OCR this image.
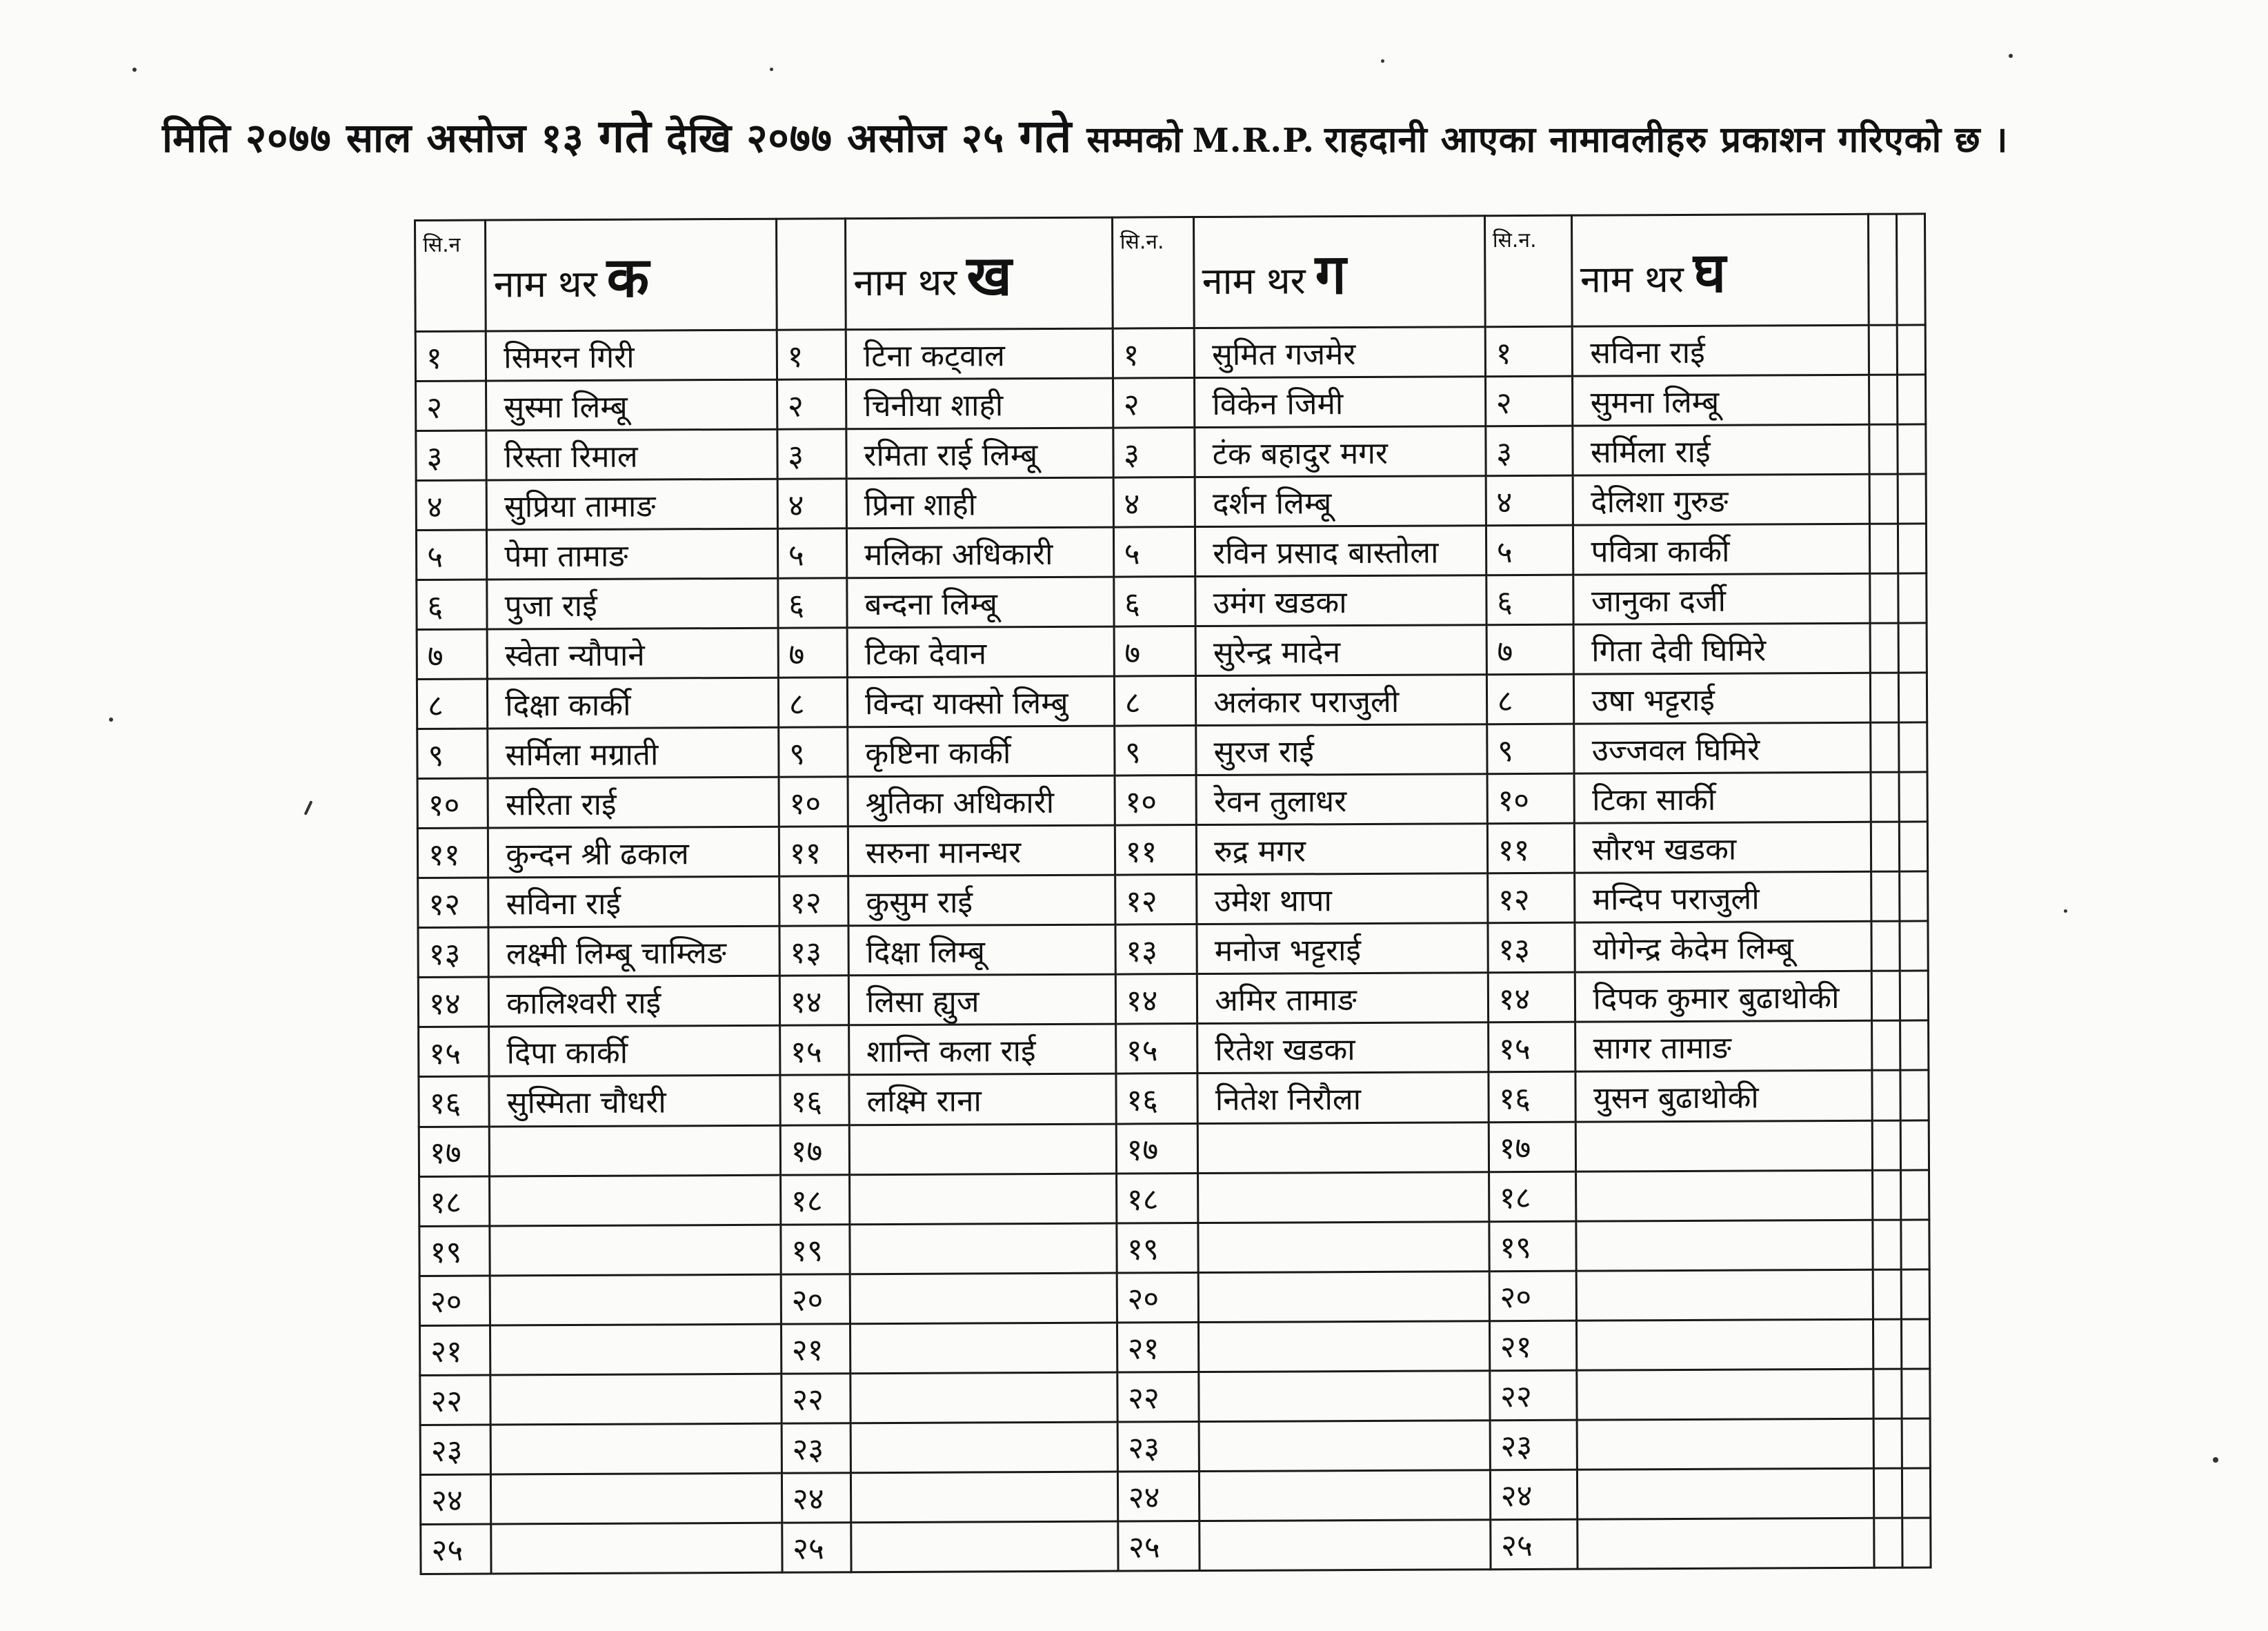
मिति २०७७ साल असोज १३ गते देखि २०७७ असोज २५ गते सम्मको M.R.P. राहदानी आएका नामावलीहरु प्रकाशन गरिएको छ ।
सि.न	नाम थर क		नाम थर ख	सि.न.	नाम थर ग	सि.न.	नाम थर घ		
१	सिमरन गिरी	१	टिना कट्वाल	१	सुमित गजमेर	१	सविना राई		
२	सुस्मा लिम्बू	२	चिनीया शाही	२	विकेन जिमी	२	सुमना लिम्बू		
३	रिस्ता रिमाल	३	रमिता राई लिम्बू	३	टंक बहादुर मगर	३	सर्मिला राई		
४	सुप्रिया तामाङ	४	प्रिना शाही	४	दर्शन लिम्बू	४	देलिशा गुरुङ		
५	पेमा तामाङ	५	मलिका अधिकारी	५	रविन प्रसाद बास्तोला	५	पवित्रा कार्की		
६	पुजा राई	६	बन्दना लिम्बू	६	उमंग खडका	६	जानुका दर्जी		
७	स्वेता न्यौपाने	७	टिका देवान	७	सुरेन्द्र मादेन	७	गिता देवी घिमिरे		
८	दिक्षा कार्की	८	विन्दा याक्सो लिम्बु	८	अलंकार पराजुली	८	उषा भट्टराई		
९	सर्मिला मग्राती	९	कृष्टिना कार्की	९	सुरज राई	९	उज्जवल घिमिरे		
१०	सरिता राई	१०	श्रुतिका अधिकारी	१०	रेवन तुलाधर	१०	टिका सार्की		
११	कुन्दन श्री ढकाल	११	सरुना मानन्धर	११	रुद्र मगर	११	सौरभ खडका		
१२	सविना राई	१२	कुसुम राई	१२	उमेश थापा	१२	मन्दिप पराजुली		
१३	लक्ष्मी लिम्बू चाम्लिङ	१३	दिक्षा लिम्बू	१३	मनोज भट्टराई	१३	योगेन्द्र केदेम लिम्बू		
१४	कालिश्वरी राई	१४	लिसा ह्युज	१४	अमिर तामाङ	१४	दिपक कुमार बुढाथोकी		
१५	दिपा कार्की	१५	शान्ति कला राई	१५	रितेश खडका	१५	सागर तामाङ		
१६	सुस्मिता चौधरी	१६	लक्ष्मि राना	१६	नितेश निरौला	१६	युसन बुढाथोकी		
१७		१७		१७		१७			
१८		१८		१८		१८			
१९		१९		१९		१९			
२०		२०		२०		२०			
२१		२१		२१		२१			
२२		२२		२२		२२			
२३		२३		२३		२३			
२४		२४		२४		२४			
२५		२५		२५		२५			
